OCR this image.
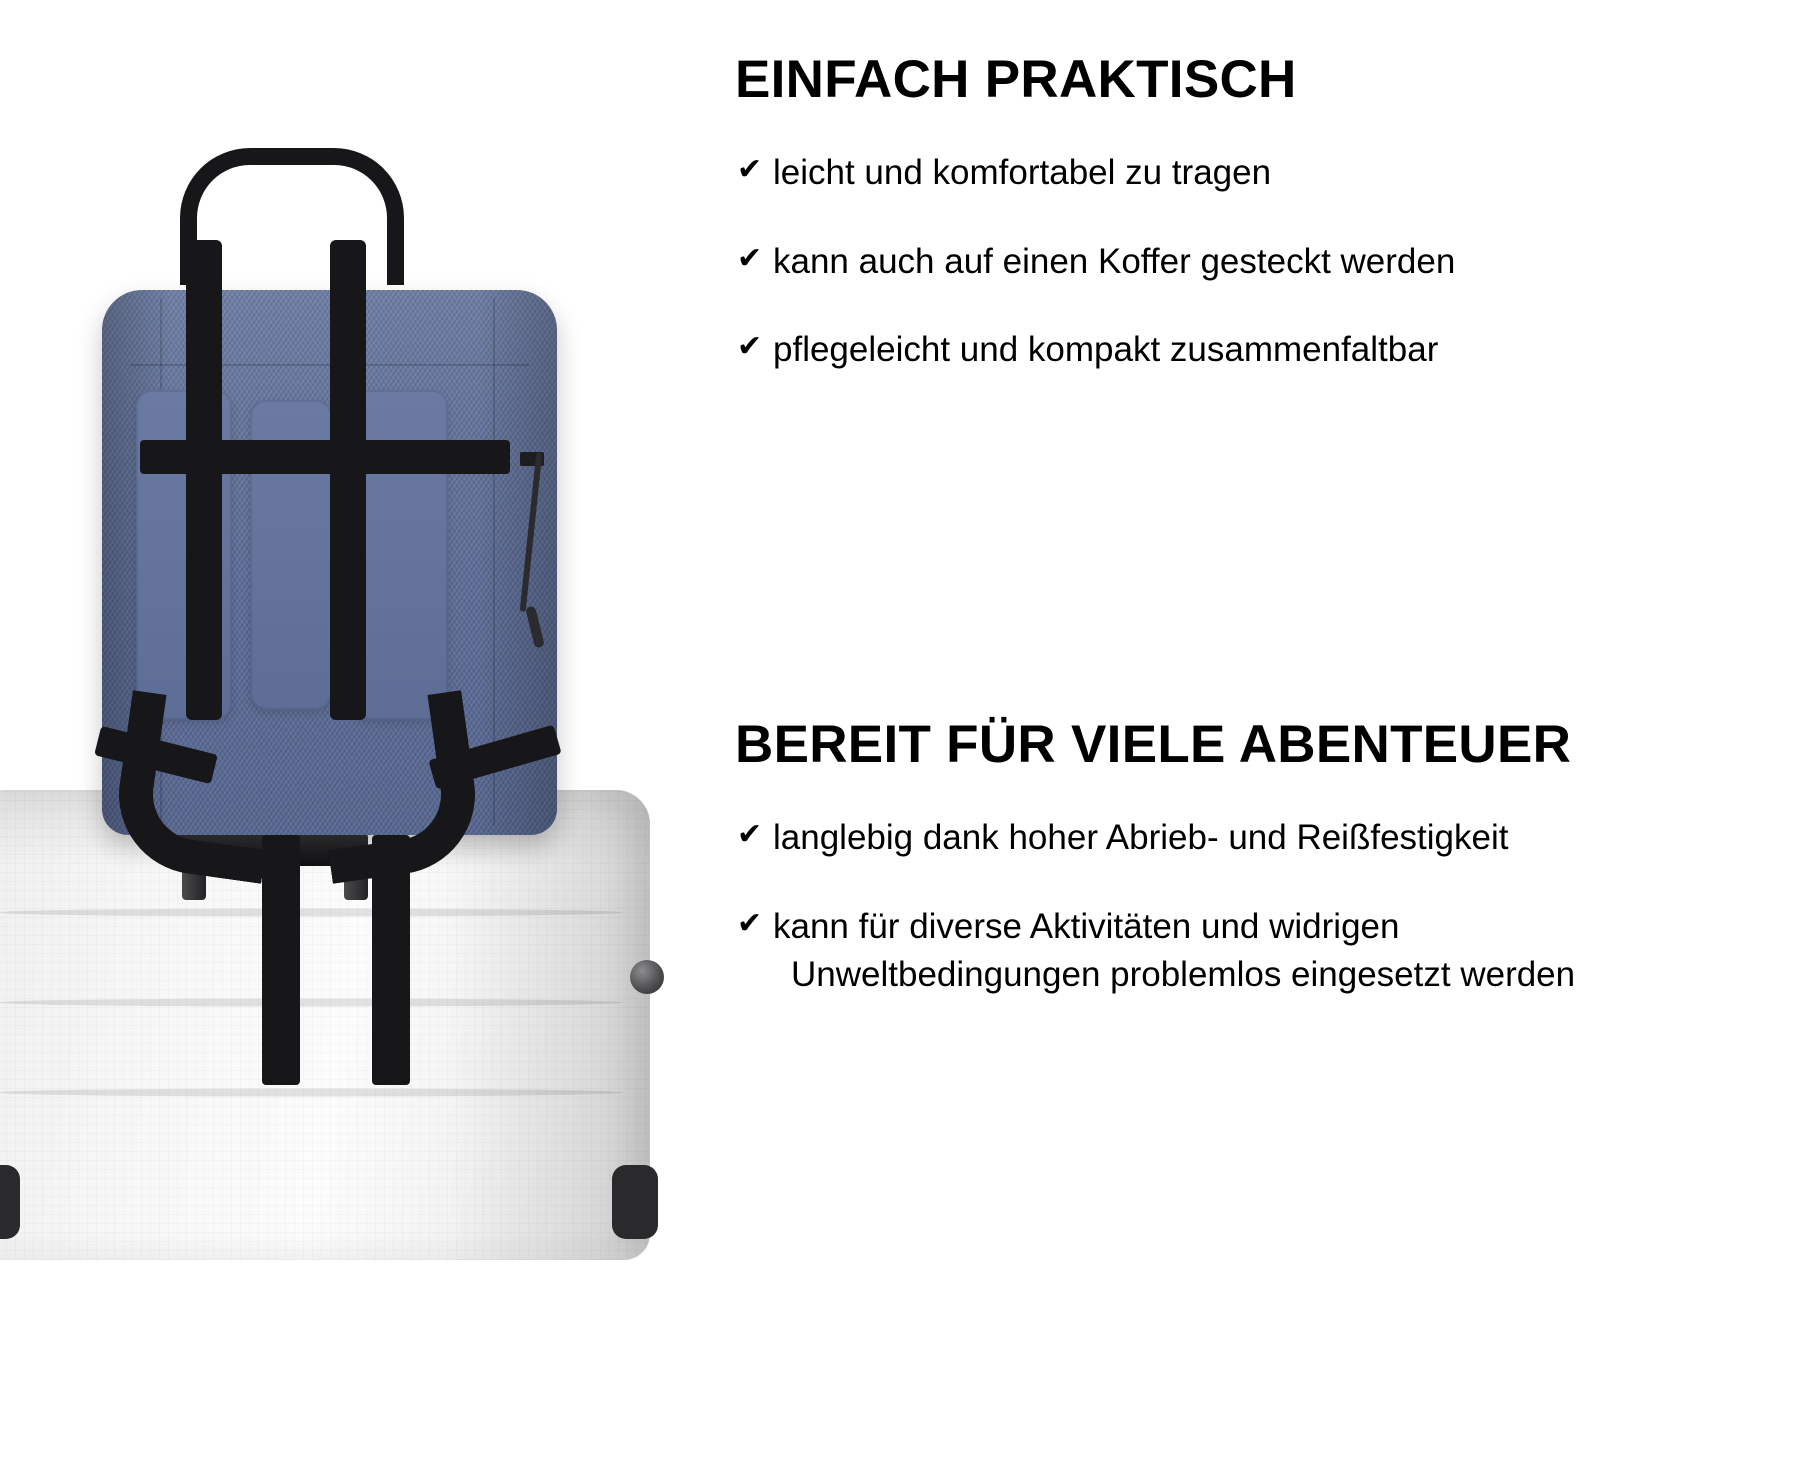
EINFACH PRAKTISCH
✔ leicht und komfortabel zu tragen
✔ kann auch auf einen Koffer gesteckt werden
✔ pflegeleicht und kompakt zusammenfaltbar
BEREIT FÜR VIELE ABENTEUER
✔ langlebig dank hoher Abrieb- und Reißfestigkeit
✔ kann für diverse Aktivitäten und widrigen
Unweltbedingungen problemlos eingesetzt werden
